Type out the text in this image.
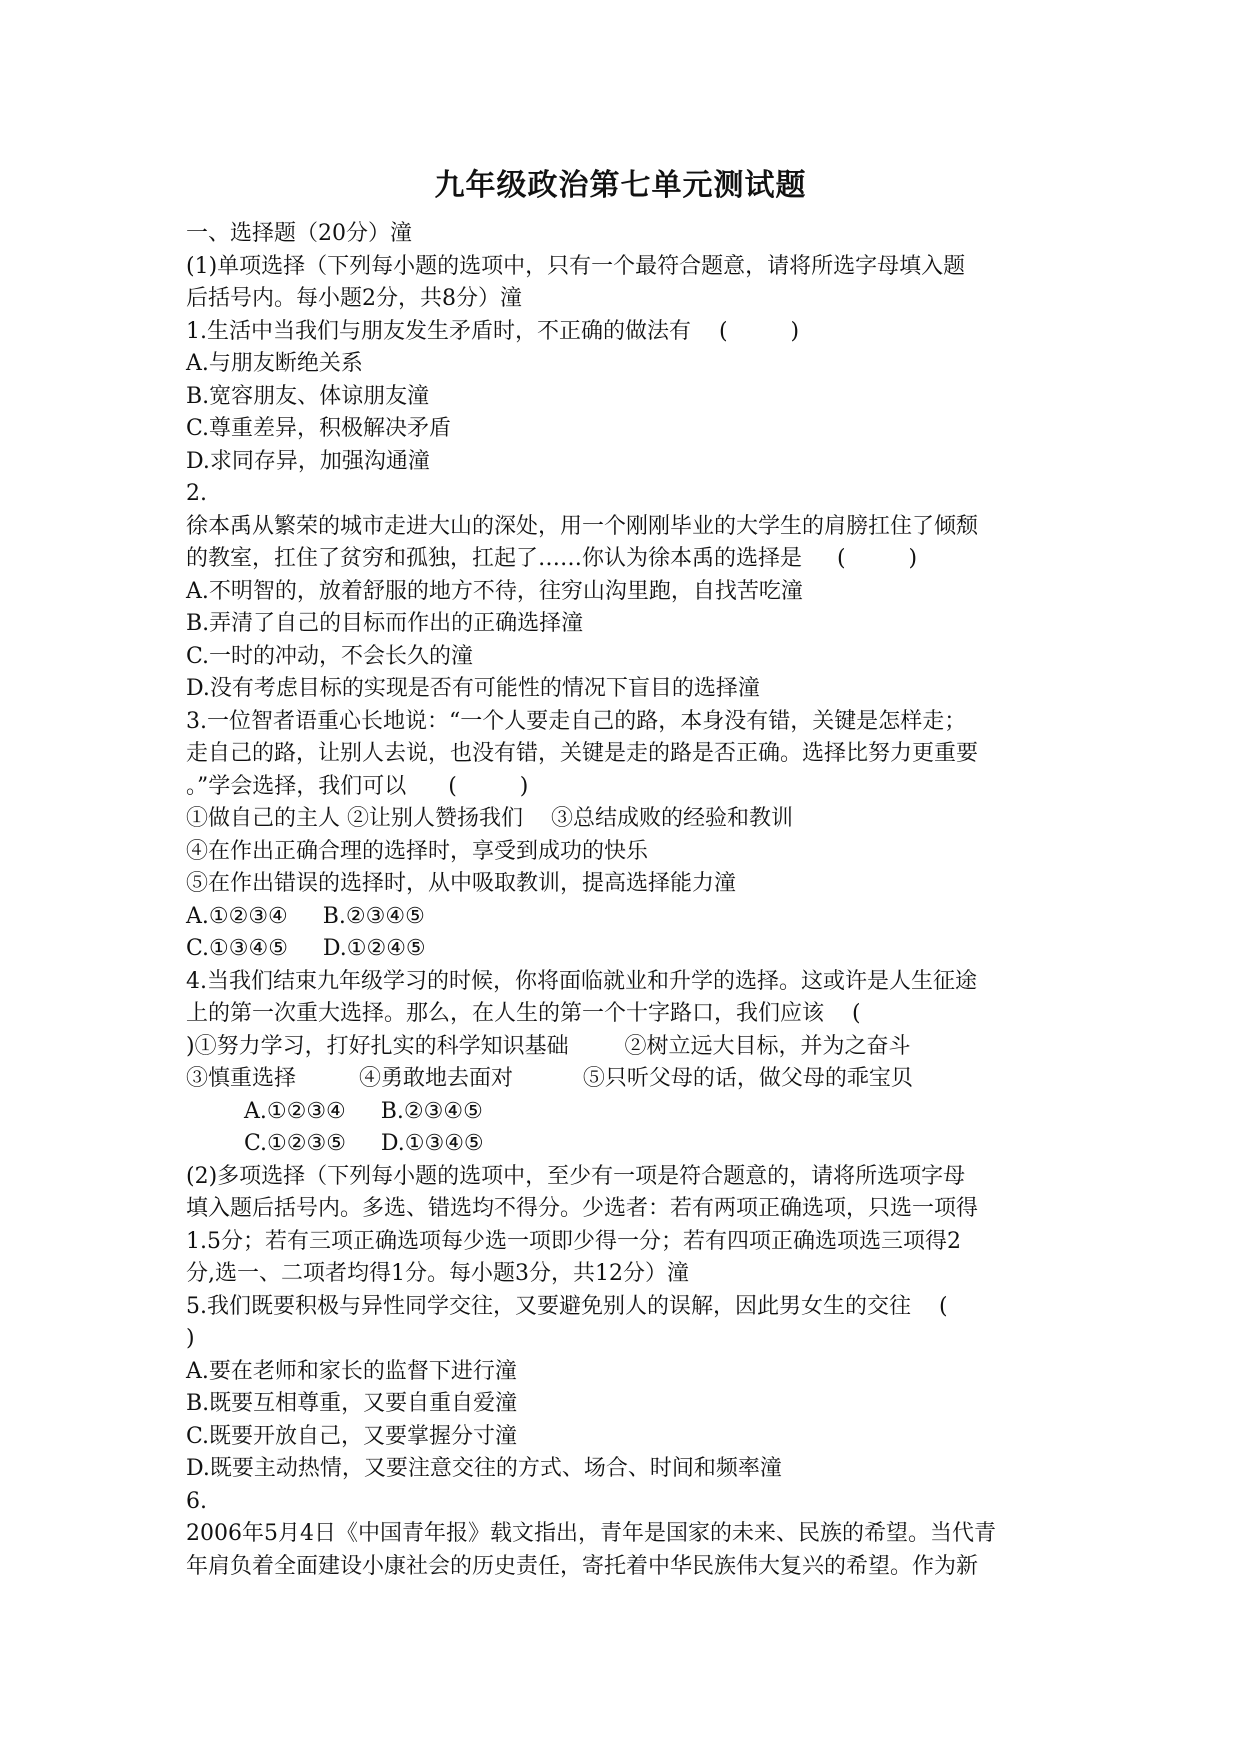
九年级政治第七单元测试题
一、选择题（20分）潼
(1)单项选择（下列每小题的选项中，只有一个最符合题意，请将所选字母填入题
后括号内。每小题2分，共8分）潼
1.生活中当我们与朋友发生矛盾时，不正确的做法有    (         )
A.与朋友断绝关系
B.宽容朋友、体谅朋友潼
C.尊重差异，积极解决矛盾
D.求同存异，加强沟通潼
2.
徐本禹从繁荣的城市走进大山的深处，用一个刚刚毕业的大学生的肩膀扛住了倾颓
的教室，扛住了贫穷和孤独，扛起了……你认为徐本禹的选择是     (         )
A.不明智的，放着舒服的地方不待，往穷山沟里跑，自找苦吃潼
B.弄清了自己的目标而作出的正确选择潼
C.一时的冲动，不会长久的潼
D.没有考虑目标的实现是否有可能性的情况下盲目的选择潼
3.一位智者语重心长地说：“一个人要走自己的路，本身没有错，关键是怎样走；
走自己的路，让别人去说，也没有错，关键是走的路是否正确。选择比努力更重要
。”学会选择，我们可以      (         )
①做自己的主人 ②让别人赞扬我们    ③总结成败的经验和教训
④在作出正确合理的选择时，享受到成功的快乐
⑤在作出错误的选择时，从中吸取教训，提高选择能力潼
A.①②③④     B.②③④⑤
C.①③④⑤     D.①②④⑤
4.当我们结束九年级学习的时候，你将面临就业和升学的选择。这或许是人生征途
上的第一次重大选择。那么，在人生的第一个十字路口，我们应该    (
)①努力学习，打好扎实的科学知识基础        ②树立远大目标，并为之奋斗
③慎重选择         ④勇敢地去面对          ⑤只听父母的话，做父母的乖宝贝
A.①②③④     B.②③④⑤
C.①②③⑤     D.①③④⑤
(2)多项选择（下列每小题的选项中，至少有一项是符合题意的，请将所选项字母
填入题后括号内。多选、错选均不得分。少选者：若有两项正确选项，只选一项得
1.5分；若有三项正确选项每少选一项即少得一分；若有四项正确选项选三项得2
分,选一、二项者均得1分。每小题3分，共12分）潼
5.我们既要积极与异性同学交往，又要避免别人的误解，因此男女生的交往    (
)
A.要在老师和家长的监督下进行潼
B.既要互相尊重，又要自重自爱潼
C.既要开放自己，又要掌握分寸潼
D.既要主动热情，又要注意交往的方式、场合、时间和频率潼
6.
2006年5月4日《中国青年报》载文指出，青年是国家的未来、民族的希望。当代青
年肩负着全面建设小康社会的历史责任，寄托着中华民族伟大复兴的希望。作为新
